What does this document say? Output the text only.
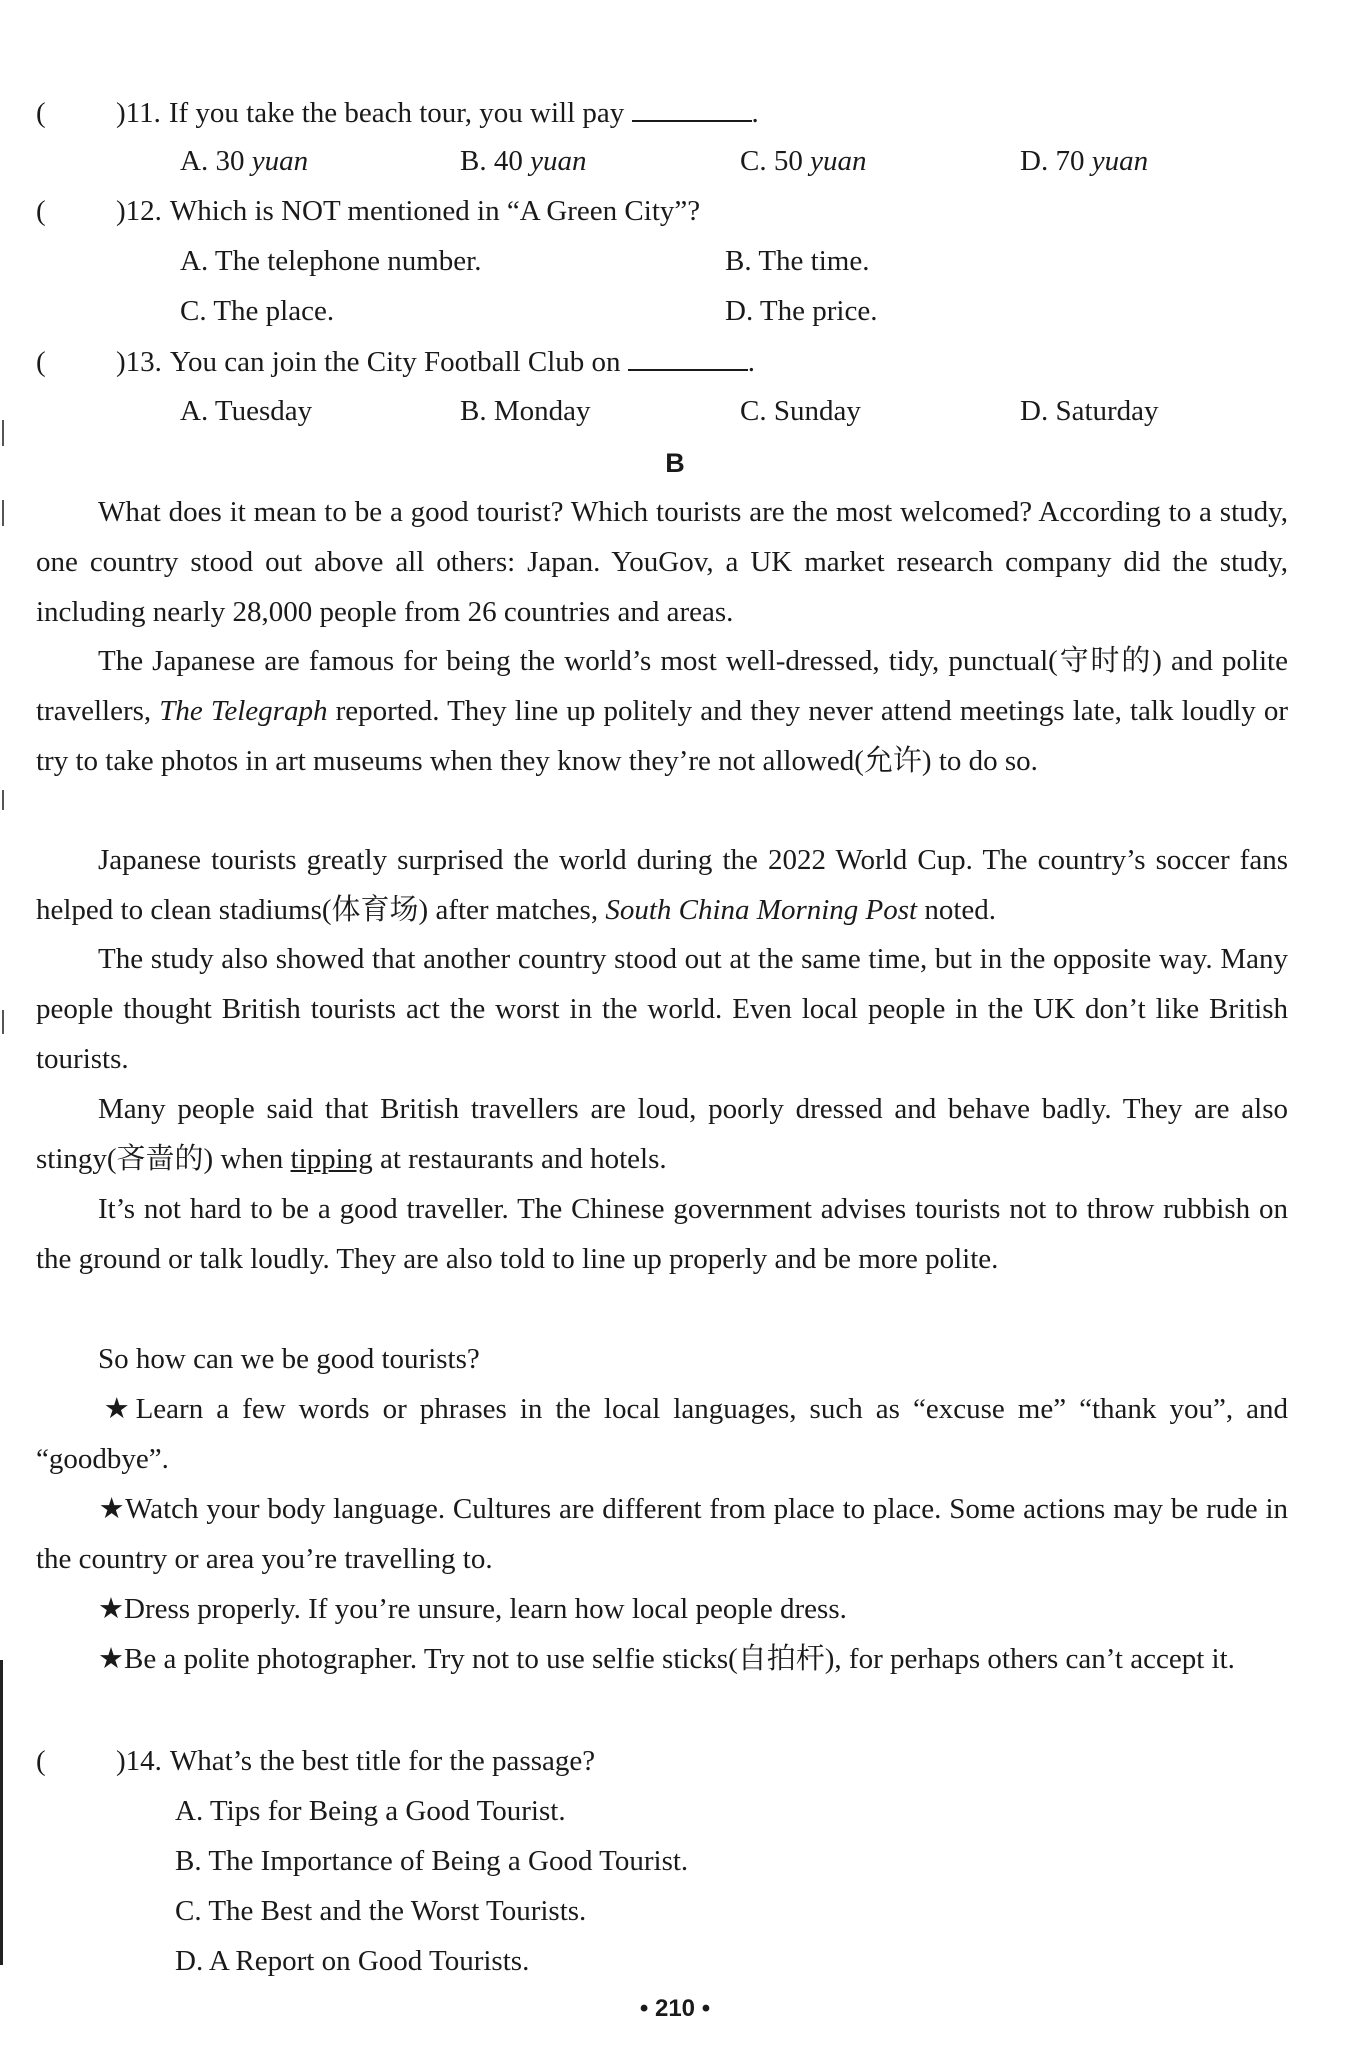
( )11. If you take the beach tour, you will pay	.
A. 30 yuan	B. 40 yuan	C. 50 yuan	D. 70 yuan
( )12. Which is NOT mentioned in “A Green City”?
A. The telephone number.	B. The time.
C. The place.	D. The price.
( )13. You can join the City Football Club on	.
A. Tuesday	B. Monday	C. Sunday	D. Saturday
B

What does it mean to be a good tourist? Which tourists are the most welcomed? According to a study, one country stood out above all others: Japan. YouGov, a UK market research company did the study, including nearly 28,000 people from 26 countries and areas.

The Japanese are famous for being the world’s most well-dressed, tidy, punctual(守时的) and polite travellers, The Telegraph reported. They line up politely and they never attend meetings late, talk loudly or try to take photos in art museums when they know they’re not allowed(允许) to do so.

Japanese tourists greatly surprised the world during the 2022 World Cup. The country’s soccer fans helped to clean stadiums(体育场) after matches, South China Morning Post noted.

The study also showed that another country stood out at the same time, but in the opposite way. Many people thought British tourists act the worst in the world. Even local people in the UK don’t like British tourists.

Many people said that British travellers are loud, poorly dressed and behave badly. They are also stingy(吝啬的) when tipping at restaurants and hotels.

It’s not hard to be a good traveller. The Chinese government advises tourists not to throw rubbish on the ground or talk loudly. They are also told to line up properly and be more polite.

So how can we be good tourists?

★Learn a few words or phrases in the local languages, such as “excuse me” “thank you”, and “goodbye”.

★Watch your body language. Cultures are different from place to place. Some actions may be rude in the country or area you’re travelling to.

★Dress properly. If you’re unsure, learn how local people dress.

★Be a polite photographer. Try not to use selfie sticks(自拍杆), for perhaps others can’t accept it.

( )14. What’s the best title for the passage?
A. Tips for Being a Good Tourist.
B. The Importance of Being a Good Tourist.
C. The Best and the Worst Tourists.
D. A Report on Good Tourists.
• 210 •
